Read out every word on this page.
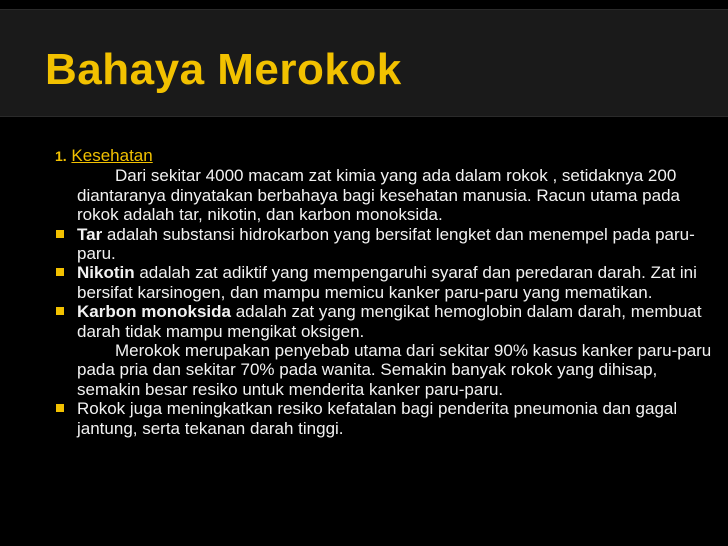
Bahaya Merokok

1. Kesehatan
Dari sekitar 4000 macam zat kimia yang ada dalam rokok , setidaknya 200 diantaranya dinyatakan berbahaya bagi kesehatan manusia. Racun utama pada rokok adalah tar, nikotin, dan karbon monoksida.

Tar adalah substansi hidrokarbon yang bersifat lengket dan menempel pada paru-paru.

Nikotin adalah zat adiktif yang mempengaruhi syaraf dan peredaran darah. Zat ini bersifat karsinogen, dan mampu memicu kanker paru-paru yang mematikan.

Karbon monoksida adalah zat yang mengikat hemoglobin dalam darah, membuat darah tidak mampu mengikat oksigen.
Merokok merupakan penyebab utama dari sekitar 90% kasus kanker paru-paru pada pria dan sekitar 70% pada wanita. Semakin banyak rokok yang dihisap, semakin besar resiko untuk menderita kanker paru-paru.

Rokok juga meningkatkan resiko kefatalan bagi penderita pneumonia dan gagal jantung, serta tekanan darah tinggi.
